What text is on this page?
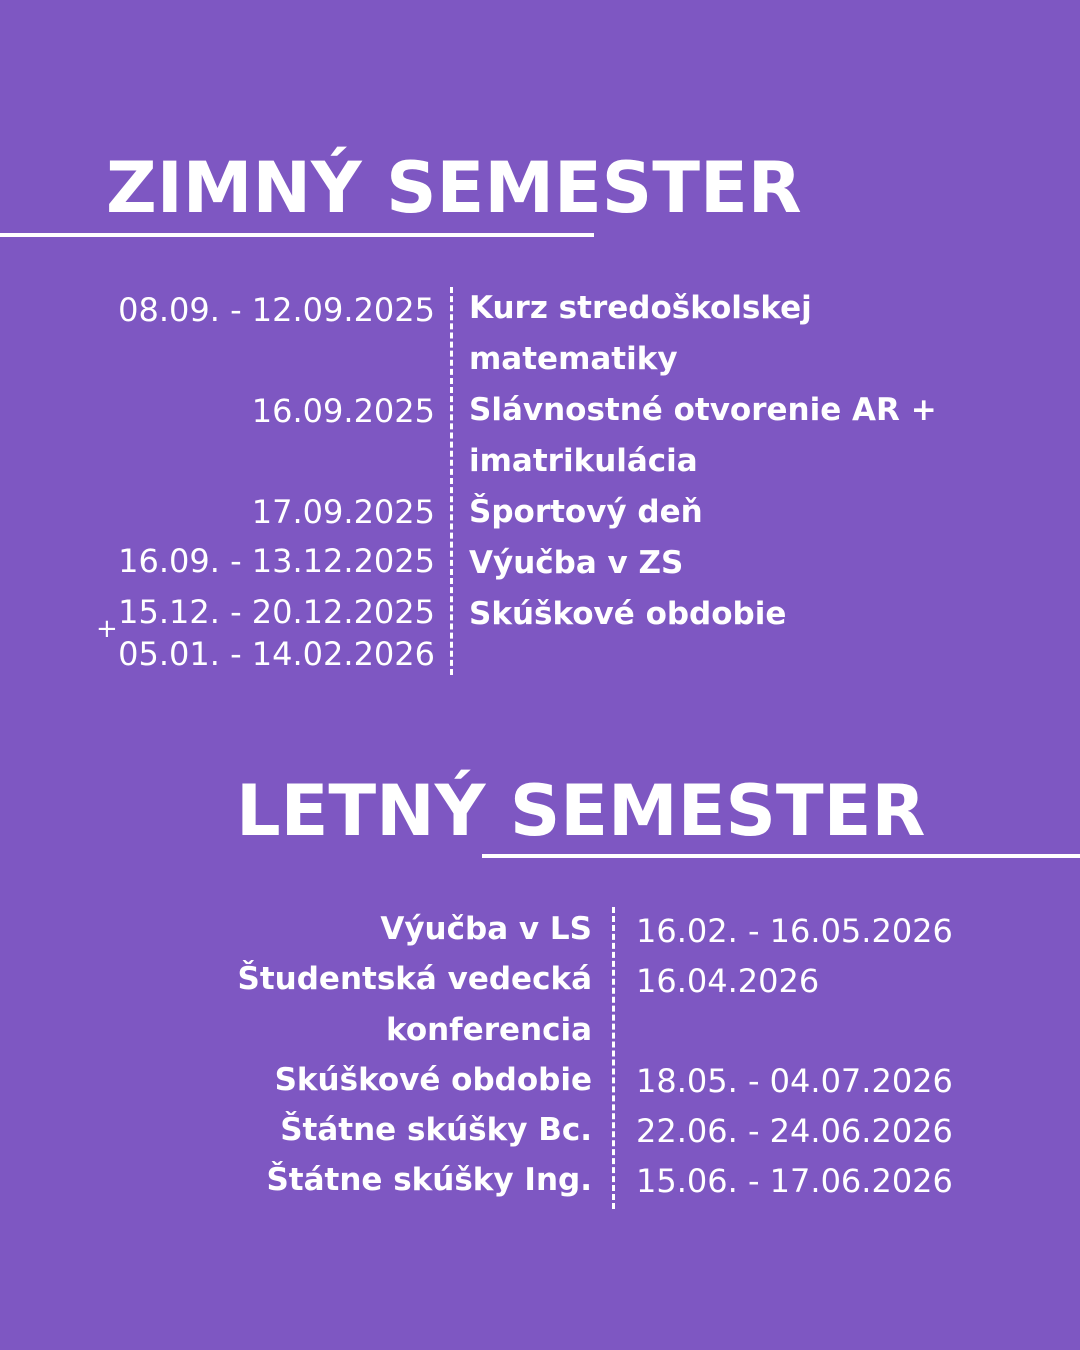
ZIMNÝ SEMESTER
08.09. - 12.09.2025 Kurz stredoškolskej
matematiky
16.09.2025 Slávnostné otvorenie AR +
imatrikulácia
17.09.2025 Športový deň
16.09. - 13.12.2025 Výučba v ZS
15.12. - 20.12.2025
+
05.01. - 14.02.2026
Skúškové obdobie
LETNÝ SEMESTER
Výučba v LS 16.02. - 16.05.2026
Študentská vedecká
konferencia
16.04.2026
Skúškové obdobie 18.05. - 04.07.2026
Štátne skúšky Bc. 22.06. - 24.06.2026
Štátne skúšky Ing. 15.06. - 17.06.2026
